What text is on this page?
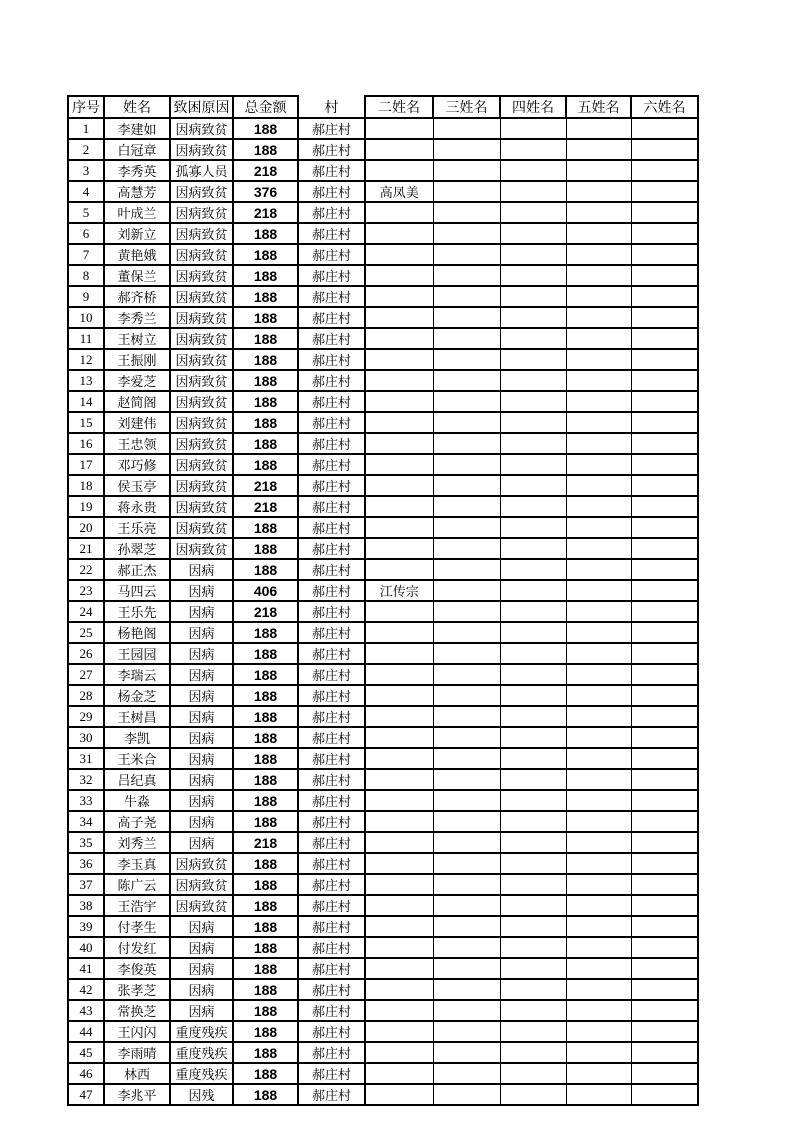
序号	姓名	致困原因	总金额	村	二姓名	三姓名	四姓名	五姓名	六姓名
1	李建如	因病致贫	188	郝庄村					
2	白冠章	因病致贫	188	郝庄村					
3	李秀英	孤寡人员	218	郝庄村					
4	高慧芳	因病致贫	376	郝庄村	高凤美				
5	叶成兰	因病致贫	218	郝庄村					
6	刘新立	因病致贫	188	郝庄村					
7	黄艳娥	因病致贫	188	郝庄村					
8	董保兰	因病致贫	188	郝庄村					
9	郝齐桥	因病致贫	188	郝庄村					
10	李秀兰	因病致贫	188	郝庄村					
11	王树立	因病致贫	188	郝庄村					
12	王振刚	因病致贫	188	郝庄村					
13	李爱芝	因病致贫	188	郝庄村					
14	赵简阁	因病致贫	188	郝庄村					
15	刘建伟	因病致贫	188	郝庄村					
16	王忠领	因病致贫	188	郝庄村					
17	邓巧修	因病致贫	188	郝庄村					
18	侯玉亭	因病致贫	218	郝庄村					
19	蒋永贵	因病致贫	218	郝庄村					
20	王乐亮	因病致贫	188	郝庄村					
21	孙翠芝	因病致贫	188	郝庄村					
22	郝正杰	因病	188	郝庄村					
23	马四云	因病	406	郝庄村	江传宗				
24	王乐先	因病	218	郝庄村					
25	杨艳阁	因病	188	郝庄村					
26	王园园	因病	188	郝庄村					
27	李瑞云	因病	188	郝庄村					
28	杨金芝	因病	188	郝庄村					
29	王树昌	因病	188	郝庄村					
30	李凯	因病	188	郝庄村					
31	王米合	因病	188	郝庄村					
32	吕纪真	因病	188	郝庄村					
33	牛淼	因病	188	郝庄村					
34	高子尧	因病	188	郝庄村					
35	刘秀兰	因病	218	郝庄村					
36	李玉真	因病致贫	188	郝庄村					
37	陈广云	因病致贫	188	郝庄村					
38	王浩宇	因病致贫	188	郝庄村					
39	付孝生	因病	188	郝庄村					
40	付发红	因病	188	郝庄村					
41	李俊英	因病	188	郝庄村					
42	张孝芝	因病	188	郝庄村					
43	常换芝	因病	188	郝庄村					
44	王闪闪	重度残疾	188	郝庄村					
45	李雨晴	重度残疾	188	郝庄村					
46	林西	重度残疾	188	郝庄村					
47	李兆平	因残	188	郝庄村					
